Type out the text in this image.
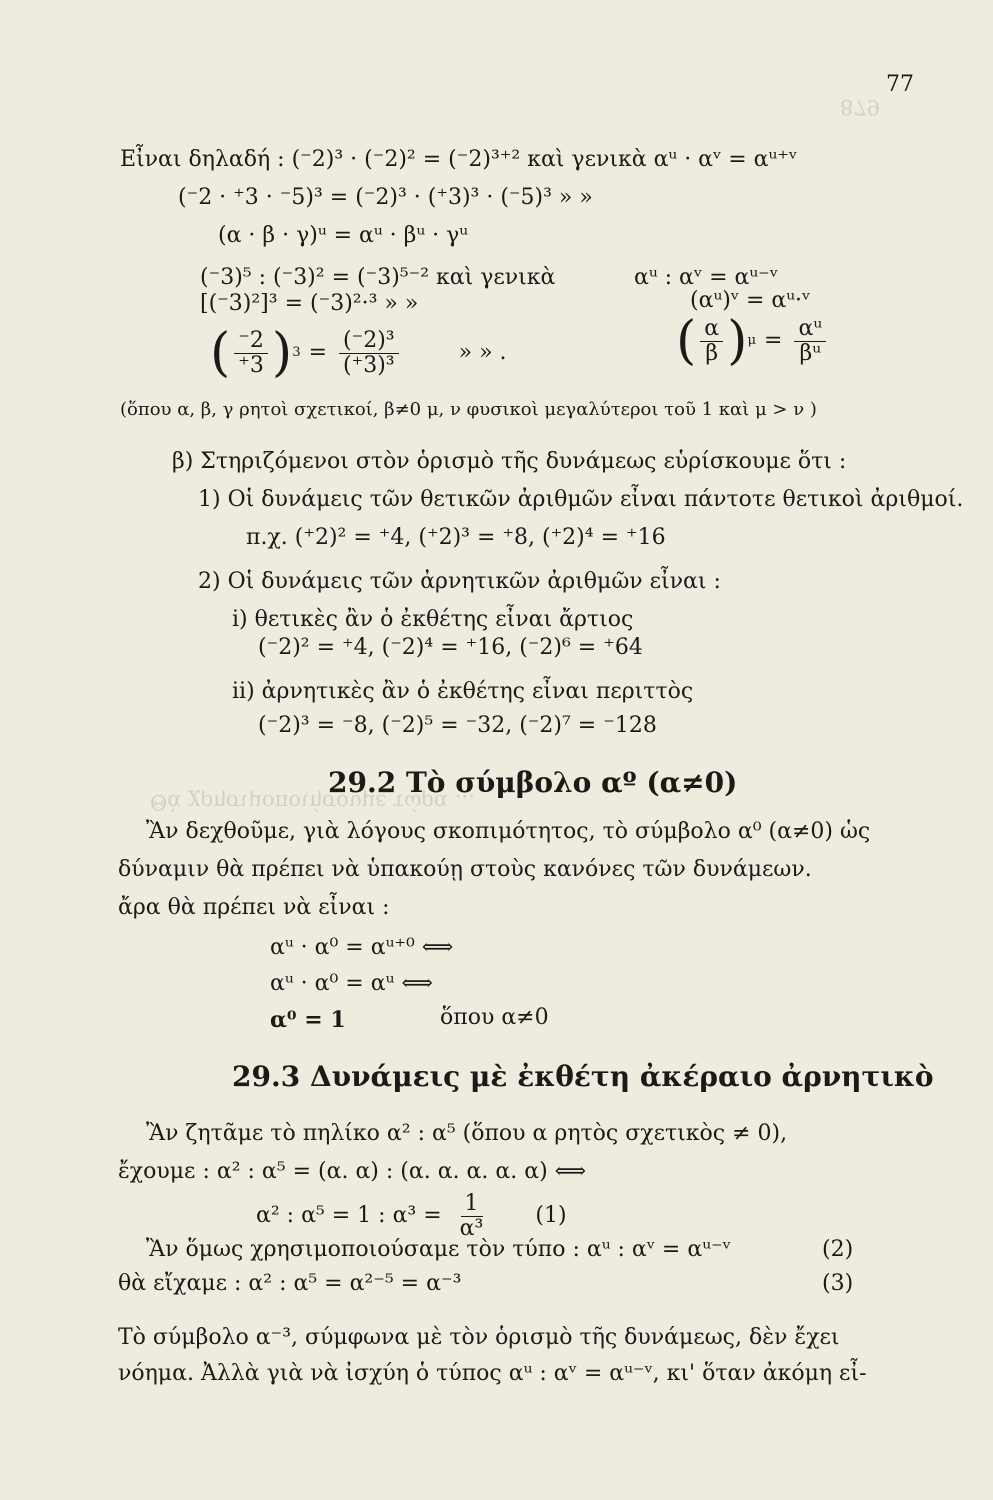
879
Θὰ χρησιμοποιήσουμε τώρα ...
77
Εἶναι δηλαδή : (⁻2)³ · (⁻2)² = (⁻2)³⁺² καὶ γενικὰ αᵘ · αᵛ = αᵘ⁺ᵛ
(⁻2 · ⁺3 · ⁻5)³ = (⁻2)³ · (⁺3)³ · (⁻5)³ » »
(α · β · γ)ᵘ = αᵘ · βᵘ · γᵘ
(⁻3)⁵ : (⁻3)² = (⁻3)⁵⁻² καὶ γενικὰ	αᵘ : αᵛ = αᵘ⁻ᵛ
[(⁻3)²]³ = (⁻3)²·³ » »	(αᵘ)ᵛ = αᵘ·ᵛ
( $\frac{^-2}{^+3}$ ) $3 = \frac{\text{(⁻2)³}}{\text{(⁺3)³}}$	» » .	( $\frac{\alpha}{\beta}$ ) $\mu = \frac{\text{αᵘ}}{\text{βᵘ}}$
(ὅπου α, β, γ ρητοὶ σχετικοί, β≠0 μ, ν φυσικοὶ μεγαλύτεροι τοῦ 1 καὶ μ > ν )
β) Στηριζόμενοι στὸν ὁρισμὸ τῆς δυνάμεως εὑρίσκουμε ὅτι :
1) Οἱ δυνάμεις τῶν θετικῶν ἀριθμῶν εἶναι πάντοτε θετικοὶ ἀριθμοί.
π.χ. (⁺2)² = ⁺4, (⁺2)³ = ⁺8, (⁺2)⁴ = ⁺16
2) Οἱ δυνάμεις τῶν ἀρνητικῶν ἀριθμῶν εἶναι :
i) θετικὲς ἂν ὁ ἐκθέτης εἶναι ἄρτιος
(⁻2)² = ⁺4, (⁻2)⁴ = ⁺16, (⁻2)⁶ = ⁺64
ii) ἀρνητικὲς ἂν ὁ ἐκθέτης εἶναι περιττὸς
(⁻2)³ = ⁻8, (⁻2)⁵ = ⁻32, (⁻2)⁷ = ⁻128
29.2 Τὸ σύμβολο αº (α≠0)
Ἂν δεχθοῦμε, γιὰ λόγους σκοπιμότητος, τὸ σύμβολο α⁰ (α≠0) ὡς
δύναμιν θὰ πρέπει νὰ ὑπακούῃ στοὺς κανόνες τῶν δυνάμεων.
ἄρα θὰ πρέπει νὰ εἶναι :
αᵘ · α⁰ = αᵘ⁺⁰ ⟺
αᵘ · α⁰ = αᵘ ⟺
α⁰ = 1	ὅπου α≠0
29.3 Δυνάμεις μὲ ἐκθέτη ἀκέραιο ἀρνητικὸ
Ἂν ζητᾶμε τὸ πηλίκο α² : α⁵ (ὅπου α ρητὸς σχετικὸς ≠ 0),
ἔχουμε : α² : α⁵ = (α. α) : (α. α. α. α. α) ⟺
α² : α⁵ = 1 : $\alpha^3 = \frac{1}{\text{α³}} (1)$
Ἂν ὅμως χρησιμοποιούσαμε τὸν τύπο : αᵘ : αᵛ = αᵘ⁻ᵛ	(2)
θὰ εἴχαμε : α² : α⁵ = α²⁻⁵ = α⁻³	(3)
Τὸ σύμβολο α⁻³, σύμφωνα μὲ τὸν ὁρισμὸ τῆς δυνάμεως, δὲν ἔχει
νόημα. Ἀλλὰ γιὰ νὰ ἰσχύη ὁ τύπος αᵘ : αᵛ = αᵘ⁻ᵛ, κι' ὅταν ἀκόμη εἶ-
